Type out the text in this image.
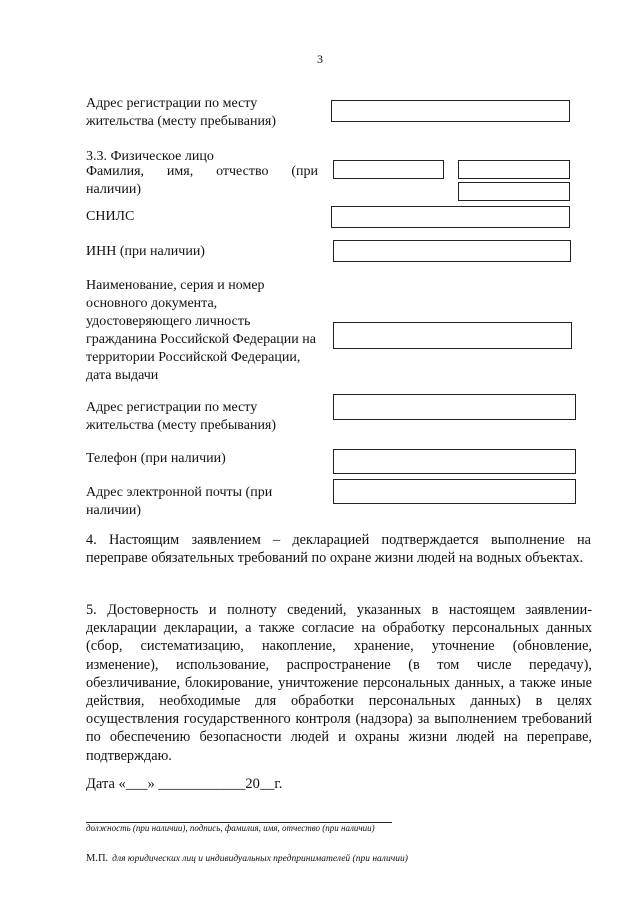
3
Адрес регистрации по месту жительства (месту пребывания)
3.3. Физическое лицо
Фамилия, имя, отчество (при наличии)
СНИЛС
ИНН (при наличии)
Наименование, серия и номер основного документа, удостоверяющего личность гражданина Российской Федерации на территории Российской Федерации, дата выдачи
Адрес регистрации по месту жительства (месту пребывания)
Телефон (при наличии)
Адрес электронной почты (при наличии)
4. Настоящим заявлением – декларацией подтверждается выполнение на переправе обязательных требований по охране жизни людей на водных объектах.
5. Достоверность и полноту сведений, указанных в настоящем заявлении-декларации декларации, а также согласие на обработку персональных данных (сбор, систематизацию, накопление, хранение, уточнение (обновление, изменение), использование, распространение (в том числе передачу), обезличивание, блокирование, уничтожение персональных данных, а также иные действия, необходимые для обработки персональных данных) в целях осуществления государственного контроля (надзора) за выполнением требований по обеспечению безопасности людей и охраны жизни людей на переправе, подтверждаю.
Дата «___» ____________20__г.
должность (при наличии), подпись, фамилия, имя, отчество (при наличии)
М.П. для юридических лиц и индивидуальных предпринимателей (при наличии)
